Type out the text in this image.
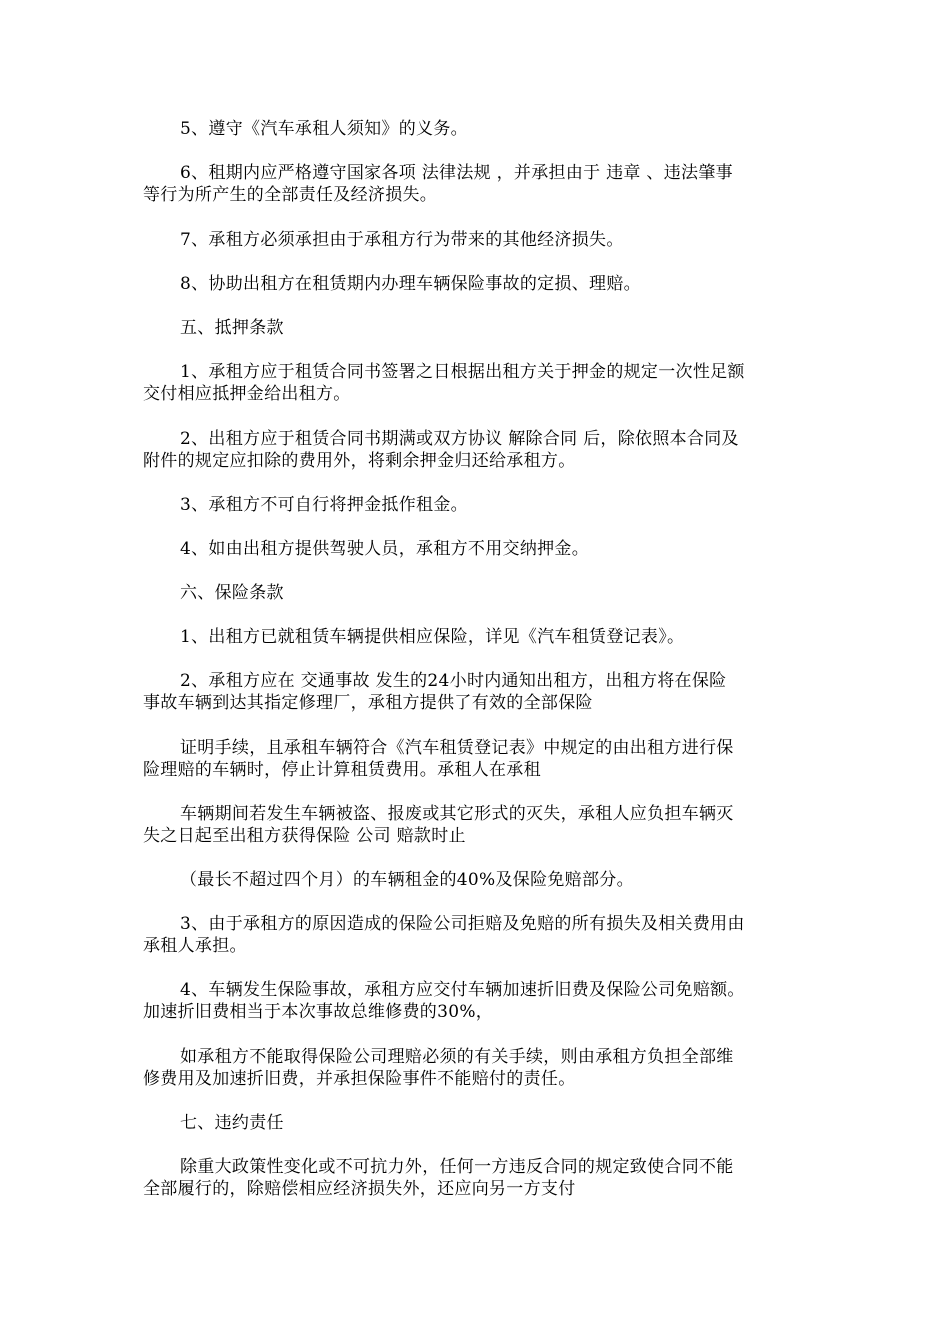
5、遵守《汽车承租人须知》的义务。
6、租期内应严格遵守国家各项 法律法规 ，并承担由于 违章 、违法肇事
等行为所产生的全部责任及经济损失。
7、承租方必须承担由于承租方行为带来的其他经济损失。
8、协助出租方在租赁期内办理车辆保险事故的定损、理赔。
五、抵押条款
1、承租方应于租赁合同书签署之日根据出租方关于押金的规定一次性足额
交付相应抵押金给出租方。
2、出租方应于租赁合同书期满或双方协议 解除合同 后，除依照本合同及
附件的规定应扣除的费用外，将剩余押金归还给承租方。
3、承租方不可自行将押金抵作租金。
4、如由出租方提供驾驶人员，承租方不用交纳押金。
六、保险条款
1、出租方已就租赁车辆提供相应保险，详见《汽车租赁登记表》。
2、承租方应在 交通事故 发生的24小时内通知出租方，出租方将在保险
事故车辆到达其指定修理厂，承租方提供了有效的全部保险
证明手续，且承租车辆符合《汽车租赁登记表》中规定的由出租方进行保
险理赔的车辆时，停止计算租赁费用。承租人在承租
车辆期间若发生车辆被盗、报废或其它形式的灭失，承租人应负担车辆灭
失之日起至出租方获得保险 公司 赔款时止
（最长不超过四个月）的车辆租金的40%及保险免赔部分。
3、由于承租方的原因造成的保险公司拒赔及免赔的所有损失及相关费用由
承租人承担。
4、车辆发生保险事故，承租方应交付车辆加速折旧费及保险公司免赔额。
加速折旧费相当于本次事故总维修费的30%，
如承租方不能取得保险公司理赔必须的有关手续，则由承租方负担全部维
修费用及加速折旧费，并承担保险事件不能赔付的责任。
七、违约责任
除重大政策性变化或不可抗力外，任何一方违反合同的规定致使合同不能
全部履行的，除赔偿相应经济损失外，还应向另一方支付
